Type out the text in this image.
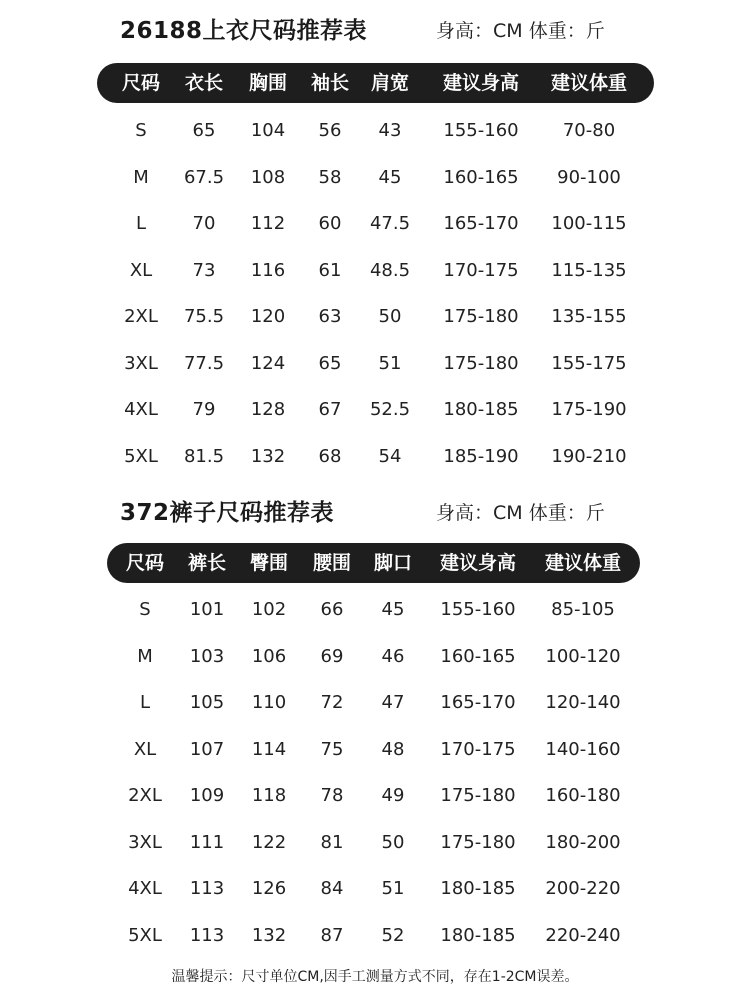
26188上衣尺码推荐表	身高：CM 体重：斤
尺码 衣长 胸围 袖长 肩宽 建议身高 建议体重
S	65 104 56 43 155-160 70-80
M 67.5 108 58 45 160-165 90-100
L	70 112 60 47.5 165-170 100-115
XL 73 116 61 48.5 170-175 115-135
2XL 75.5 120 63 50 175-180 135-155
3XL 77.5 124 65 51 175-180 155-175
4XL 79 128 67 52.5 180-185 175-190
5XL 81.5 132 68 54 185-190 190-210
372裤子尺码推荐表	身高：CM 体重：斤
尺码 裤长 臀围 腰围 脚口 建议身高 建议体重
S 101 102 66 45 155-160 85-105
M 103 106 69 46 160-165 100-120
L 105 110 72 47 165-170 120-140
XL 107 114 75 48 170-175 140-160
2XL 109 118 78 49 175-180 160-180
3XL 111 122 81 50 175-180 180-200
4XL 113 126 84 51 180-185 200-220
5XL 113 132 87 52 180-185 220-240
温馨提示：尺寸单位CM,因手工测量方式不同，存在1-2CM误差。
